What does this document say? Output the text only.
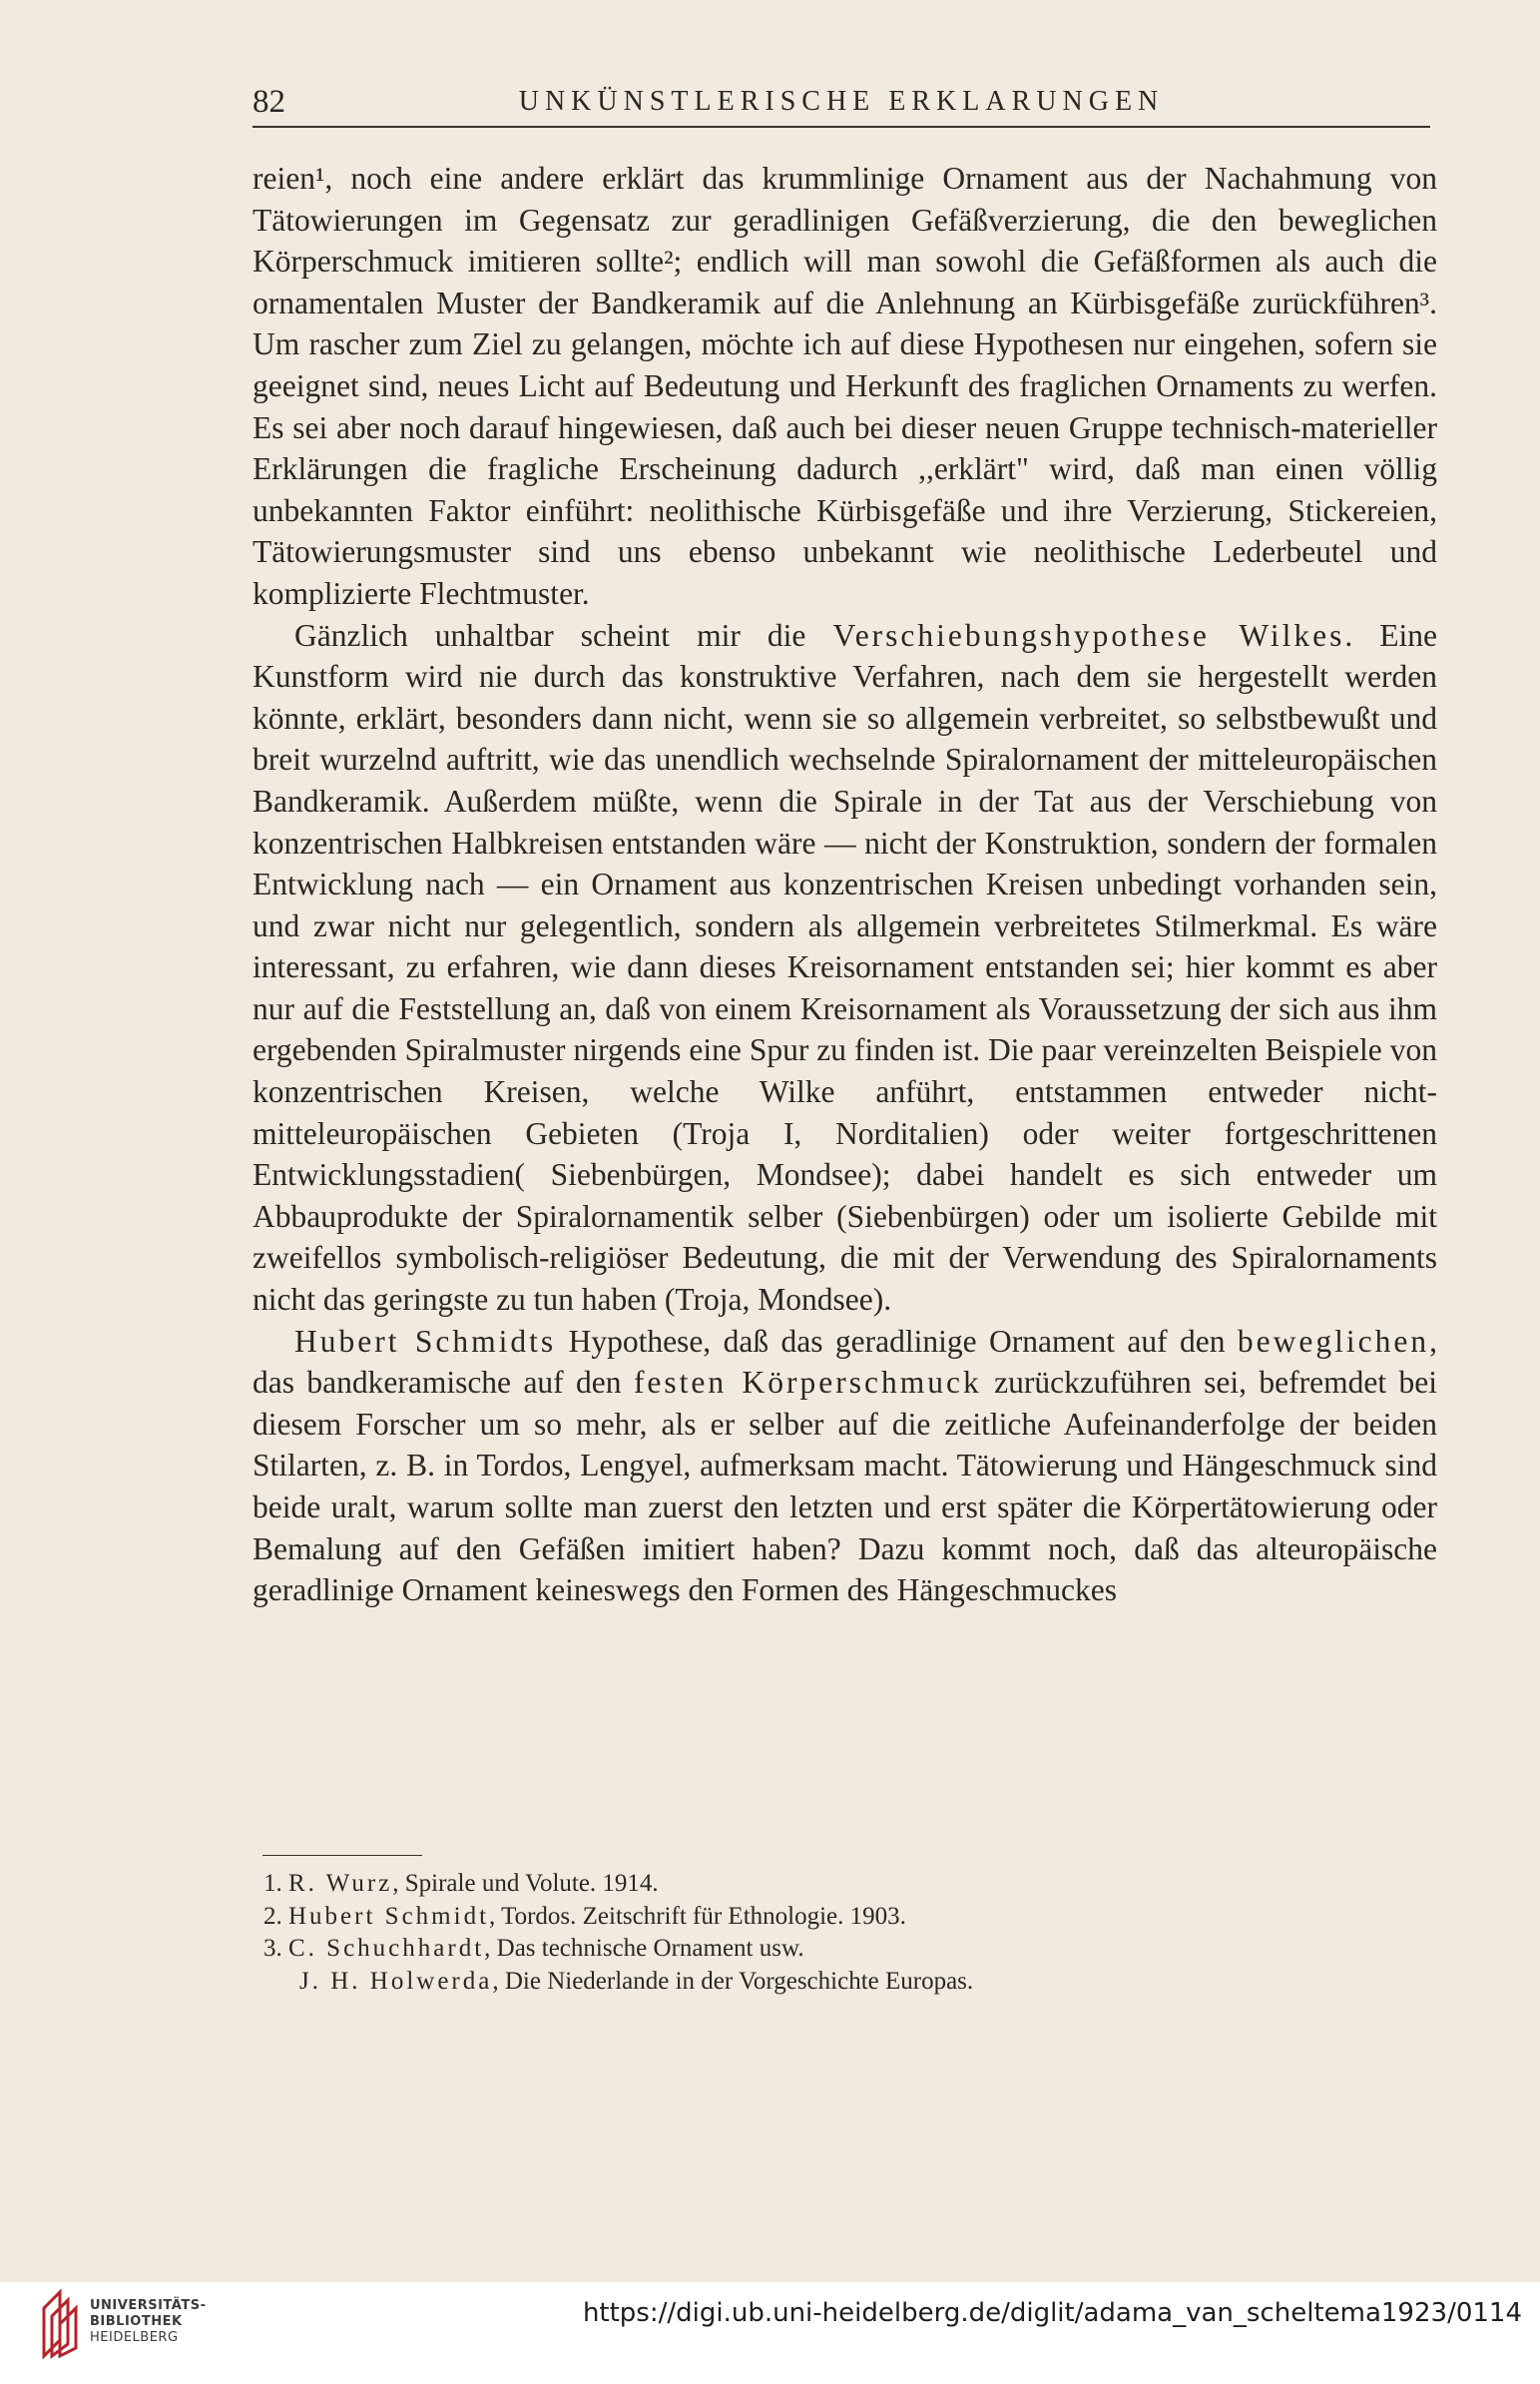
82	UNKÜNSTLERISCHE ERKLARUNGEN

reien¹, noch eine andere erklärt das krummlinige Ornament aus der Nachahmung von Tätowierungen im Gegensatz zur geradlinigen Gefäßverzierung, die den beweglichen Körperschmuck imitieren sollte²; endlich will man sowohl die Gefäßformen als auch die ornamentalen Muster der Bandkeramik auf die Anlehnung an Kürbisgefäße zurückführen³. Um rascher zum Ziel zu gelangen, möchte ich auf diese Hypothesen nur eingehen, sofern sie geeignet sind, neues Licht auf Bedeutung und Herkunft des fraglichen Ornaments zu werfen. Es sei aber noch darauf hingewiesen, daß auch bei dieser neuen Gruppe technisch-materieller Erklärungen die fragliche Erscheinung dadurch ,,erklärt" wird, daß man einen völlig unbekannten Faktor einführt: neolithische Kürbisgefäße und ihre Verzierung, Stickereien, Tätowierungsmuster sind uns ebenso unbekannt wie neolithische Lederbeutel und komplizierte Flechtmuster.

Gänzlich unhaltbar scheint mir die Verschiebungshypothese Wilkes. Eine Kunstform wird nie durch das konstruktive Verfahren, nach dem sie hergestellt werden könnte, erklärt, besonders dann nicht, wenn sie so allgemein verbreitet, so selbstbewußt und breit wurzelnd auftritt, wie das unendlich wechselnde Spiralornament der mitteleuropäischen Bandkeramik. Außerdem müßte, wenn die Spirale in der Tat aus der Verschiebung von konzentrischen Halbkreisen entstanden wäre — nicht der Konstruktion, sondern der formalen Entwicklung nach — ein Ornament aus konzentrischen Kreisen unbedingt vorhanden sein, und zwar nicht nur gelegentlich, sondern als allgemein verbreitetes Stilmerkmal. Es wäre interessant, zu erfahren, wie dann dieses Kreisornament entstanden sei; hier kommt es aber nur auf die Feststellung an, daß von einem Kreisornament als Voraussetzung der sich aus ihm ergebenden Spiralmuster nirgends eine Spur zu finden ist. Die paar vereinzelten Beispiele von konzentrischen Kreisen, welche Wilke anführt, entstammen entweder nicht-mitteleuropäischen Gebieten (Troja I, Norditalien) oder weiter fortgeschrittenen Entwicklungsstadien( Siebenbürgen, Mondsee); dabei handelt es sich entweder um Abbauprodukte der Spiralornamentik selber (Siebenbürgen) oder um isolierte Gebilde mit zweifellos symbolisch-religiöser Bedeutung, die mit der Verwendung des Spiralornaments nicht das geringste zu tun haben (Troja, Mondsee).

Hubert Schmidts Hypothese, daß das geradlinige Ornament auf den beweglichen, das bandkeramische auf den festen Körperschmuck zurückzuführen sei, befremdet bei diesem Forscher um so mehr, als er selber auf die zeitliche Aufeinanderfolge der beiden Stilarten, z. B. in Tordos, Lengyel, aufmerksam macht. Tätowierung und Hängeschmuck sind beide uralt, warum sollte man zuerst den letzten und erst später die Körpertätowierung oder Bemalung auf den Gefäßen imitiert haben? Dazu kommt noch, daß das alteuropäische geradlinige Ornament keineswegs den Formen des Hängeschmuckes

1. R. Wurz, Spirale und Volute. 1914.
2. Hubert Schmidt, Tordos. Zeitschrift für Ethnologie. 1903.
3. C. Schuchhardt, Das technische Ornament usw.
J. H. Holwerda, Die Niederlande in der Vorgeschichte Europas.
UNIVERSITÄTS-
BIBLIOTHEK
HEIDELBERG
https://digi.ub.uni-heidelberg.de/diglit/adama_van_scheltema1923/0114
